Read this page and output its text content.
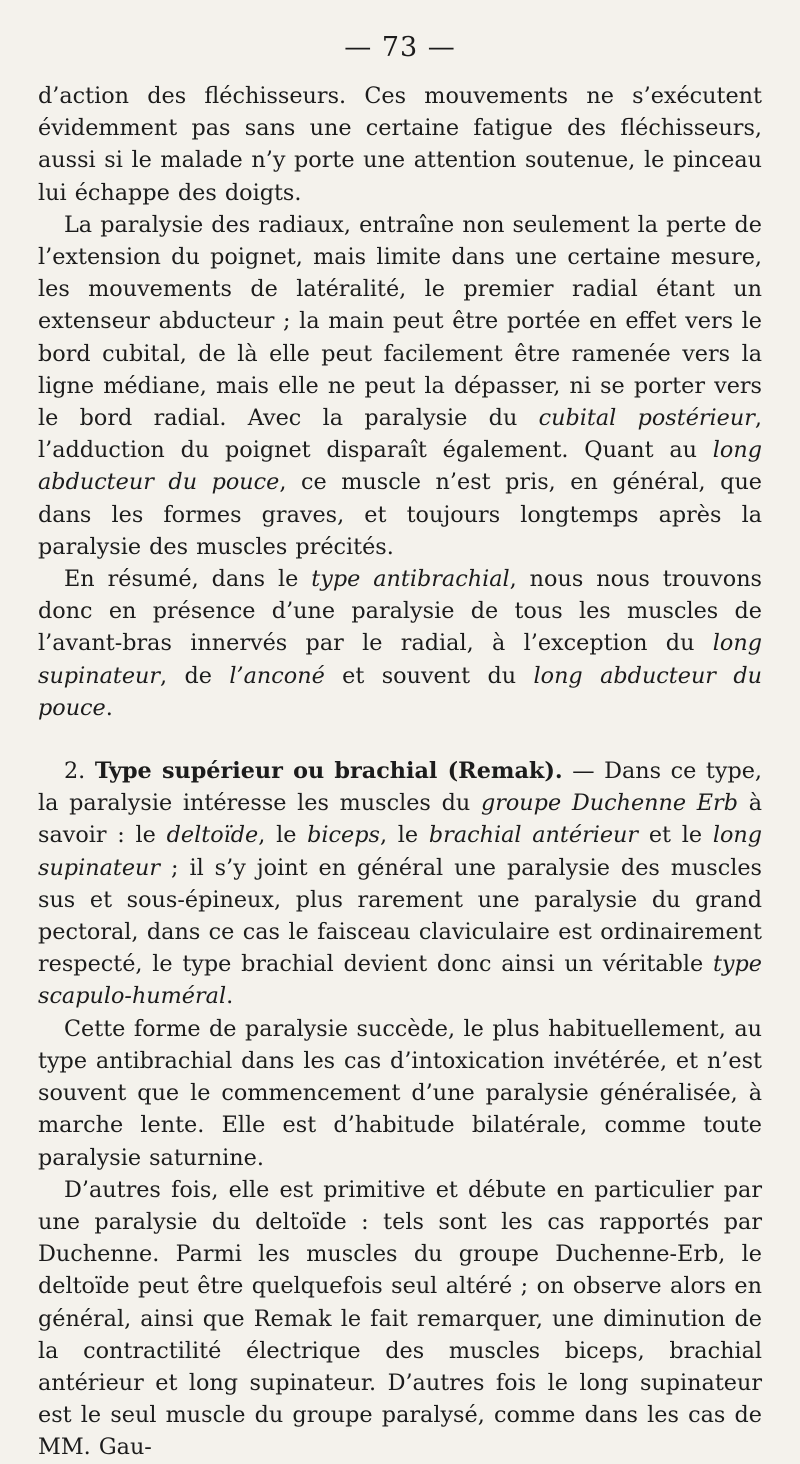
— 73 —

d’action des fléchisseurs. Ces mouvements ne s’exécutent évidemment pas sans une certaine fatigue des fléchisseurs, aussi si le malade n’y porte une attention soutenue, le pinceau lui échappe des doigts.

La paralysie des radiaux, entraîne non seulement la perte de l’extension du poignet, mais limite dans une certaine mesure, les mouvements de latéralité, le premier radial étant un extenseur abducteur ; la main peut être portée en effet vers le bord cubital, de là elle peut facilement être ramenée vers la ligne médiane, mais elle ne peut la dépasser, ni se porter vers le bord radial. Avec la paralysie du cubital postérieur, l’adduction du poignet disparaît également. Quant au long abducteur du pouce, ce muscle n’est pris, en général, que dans les formes graves, et toujours longtemps après la paralysie des muscles précités.

En résumé, dans le type antibrachial, nous nous trouvons donc en présence d’une paralysie de tous les muscles de l’avant-bras innervés par le radial, à l’exception du long supinateur, de l’anconé et souvent du long abducteur du pouce.

2. Type supérieur ou brachial (Remak). — Dans ce type, la paralysie intéresse les muscles du groupe Duchenne Erb à savoir : le deltoïde, le biceps, le brachial antérieur et le long supinateur ; il s’y joint en général une paralysie des muscles sus et sous-épineux, plus rarement une paralysie du grand pectoral, dans ce cas le faisceau claviculaire est ordinairement respecté, le type brachial devient donc ainsi un véritable type scapulo-huméral.

Cette forme de paralysie succède, le plus habituellement, au type antibrachial dans les cas d’intoxication invétérée, et n’est souvent que le commencement d’une paralysie généralisée, à marche lente. Elle est d’habitude bilatérale, comme toute paralysie saturnine.

D’autres fois, elle est primitive et débute en particulier par une paralysie du deltoïde : tels sont les cas rapportés par Duchenne. Parmi les muscles du groupe Duchenne-Erb, le deltoïde peut être quelquefois seul altéré ; on observe alors en général, ainsi que Remak le fait remarquer, une diminution de la contractilité électrique des muscles biceps, brachial antérieur et long supinateur. D’autres fois le long supinateur est le seul muscle du groupe paralysé, comme dans les cas de MM. Gau-
